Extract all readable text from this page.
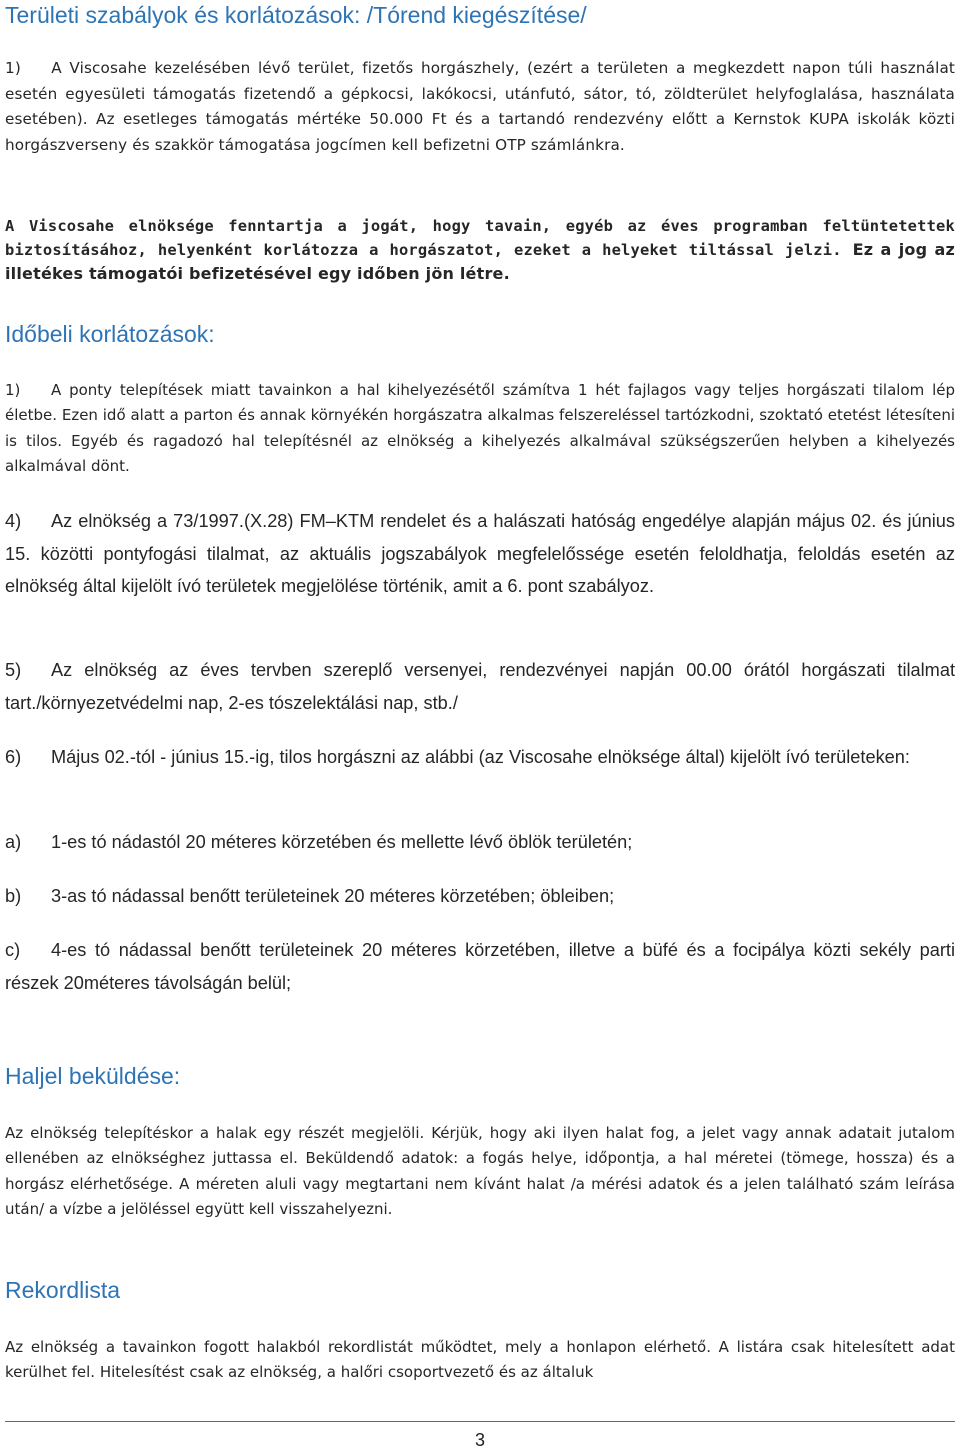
Területi szabályok és korlátozások: /Tórend kiegészítése/

1) A Viscosahe kezelésében lévő terület, fizetős horgászhely, (ezért a területen a megkezdett napon túli használat esetén egyesületi támogatás fizetendő a gépkocsi, lakókocsi, utánfutó, sátor, tó, zöldterület helyfoglalása, használata esetében). Az esetleges támogatás mértéke 50.000 Ft és a tartandó rendezvény előtt a Kernstok KUPA iskolák közti horgászverseny és szakkör támogatása jogcímen kell befizetni OTP számlánkra.

A Viscosahe elnöksége fenntartja a jogát, hogy tavain, egyéb az éves programban feltüntetettek biztosításához, helyenként korlátozza a horgászatot, ezeket a helyeket tiltással jelzi. Ez a jog az illetékes támogatói befizetésével egy időben jön létre.

Időbeli korlátozások:

1) A ponty telepítések miatt tavainkon a hal kihelyezésétől számítva 1 hét fajlagos vagy teljes horgászati tilalom lép életbe. Ezen idő alatt a parton és annak környékén horgászatra alkalmas felszereléssel tartózkodni, szoktató etetést létesíteni is tilos. Egyéb és ragadozó hal telepítésnél az elnökség a kihelyezés alkalmával szükségszerűen helyben a kihelyezés alkalmával dönt.

4) Az elnökség a 73/1997.(X.28) FM–KTM rendelet és a halászati hatóság engedélye alapján május 02. és június 15. közötti pontyfogási tilalmat, az aktuális jogszabályok megfelelőssége esetén feloldhatja, feloldás esetén az elnökség által kijelölt ívó területek megjelölése történik, amit a 6. pont szabályoz.

5) Az elnökség az éves tervben szereplő versenyei, rendezvényei napján 00.00 órától horgászati tilalmat tart./környezetvédelmi nap, 2-es tószelektálási nap, stb./

6) Május 02.-tól - június 15.-ig, tilos horgászni az alábbi (az Viscosahe elnöksége által) kijelölt ívó területeken:

a) 1-es tó nádastól 20 méteres körzetében és mellette lévő öblök területén;

b) 3-as tó nádassal benőtt területeinek 20 méteres körzetében; öbleiben;

c) 4-es tó nádassal benőtt területeinek 20 méteres körzetében, illetve a büfé és a focipálya közti sekély parti részek 20méteres távolságán belül;

Haljel beküldése:

Az elnökség telepítéskor a halak egy részét megjelöli. Kérjük, hogy aki ilyen halat fog, a jelet vagy annak adatait jutalom ellenében az elnökséghez juttassa el. Beküldendő adatok: a fogás helye, időpontja, a hal méretei (tömege, hossza) és a horgász elérhetősége. A méreten aluli vagy megtartani nem kívánt halat /a mérési adatok és a jelen található szám leírása után/ a vízbe a jelöléssel együtt kell visszahelyezni.

Rekordlista

Az elnökség a tavainkon fogott halakból rekordlistát működtet, mely a honlapon elérhető. A listára csak hitelesített adat kerülhet fel. Hitelesítést csak az elnökség, a halőri csoportvezető és az általuk

3
